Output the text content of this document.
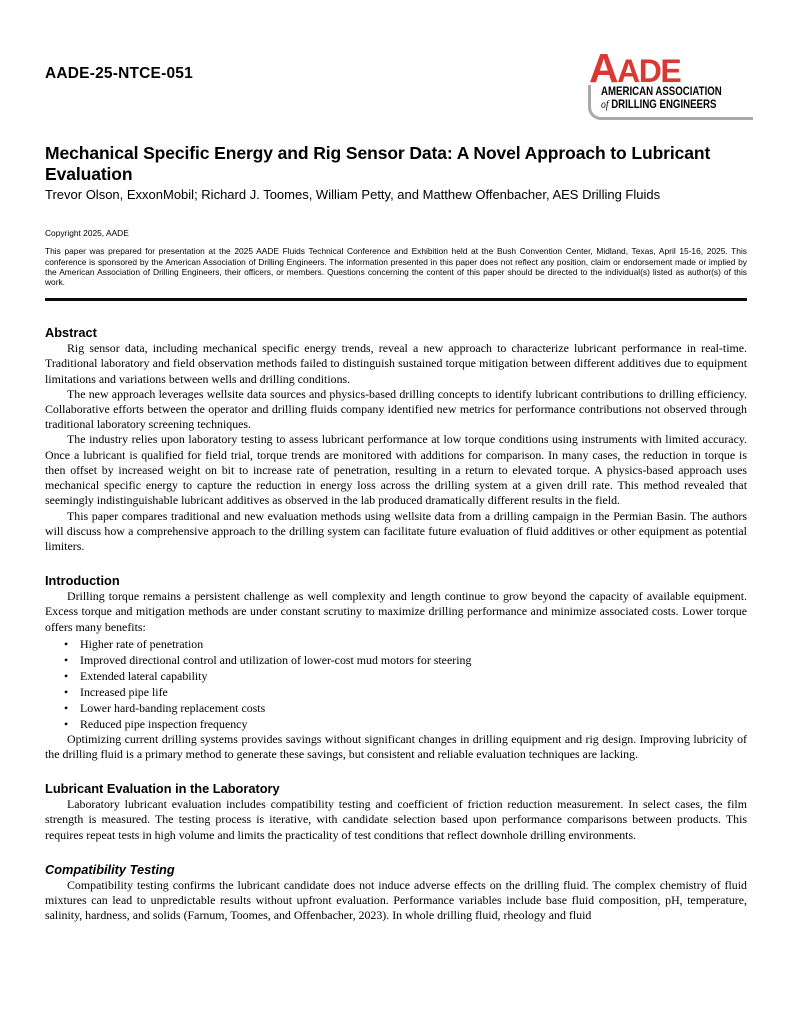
AADE-25-NTCE-051	AADE
AMERICAN ASSOCIATION
of DRILLING ENGINEERS
Mechanical Specific Energy and Rig Sensor Data: A Novel Approach to Lubricant Evaluation
Trevor Olson, ExxonMobil; Richard J. Toomes, William Petty, and Matthew Offenbacher, AES Drilling Fluids
Copyright 2025, AADE
This paper was prepared for presentation at the 2025 AADE Fluids Technical Conference and Exhibition held at the Bush Convention Center, Midland, Texas, April 15-16, 2025. This conference is sponsored by the American Association of Drilling Engineers. The information presented in this paper does not reflect any position, claim or endorsement made or implied by the American Association of Drilling Engineers, their officers, or members. Questions concerning the content of this paper should be directed to the individual(s) listed as author(s) of this work.
Abstract

Rig sensor data, including mechanical specific energy trends, reveal a new approach to characterize lubricant performance in real-time. Traditional laboratory and field observation methods failed to distinguish sustained torque mitigation between different additives due to equipment limitations and variations between wells and drilling conditions.

The new approach leverages wellsite data sources and physics-based drilling concepts to identify lubricant contributions to drilling efficiency. Collaborative efforts between the operator and drilling fluids company identified new metrics for performance contributions not observed through traditional laboratory screening techniques.

The industry relies upon laboratory testing to assess lubricant performance at low torque conditions using instruments with limited accuracy. Once a lubricant is qualified for field trial, torque trends are monitored with additions for comparison. In many cases, the reduction in torque is then offset by increased weight on bit to increase rate of penetration, resulting in a return to elevated torque. A physics-based approach uses mechanical specific energy to capture the reduction in energy loss across the drilling system at a given drill rate. This method revealed that seemingly indistinguishable lubricant additives as observed in the lab produced dramatically different results in the field.

This paper compares traditional and new evaluation methods using wellsite data from a drilling campaign in the Permian Basin. The authors will discuss how a comprehensive approach to the drilling system can facilitate future evaluation of fluid additives or other equipment as potential limiters.

Introduction

Drilling torque remains a persistent challenge as well complexity and length continue to grow beyond the capacity of available equipment. Excess torque and mitigation methods are under constant scrutiny to maximize drilling performance and minimize associated costs. Lower torque offers many benefits:

• Higher rate of penetration
• Improved directional control and utilization of lower-cost mud motors for steering
• Extended lateral capability
• Increased pipe life
• Lower hard-banding replacement costs
• Reduced pipe inspection frequency

Optimizing current drilling systems provides savings without significant changes in drilling equipment and rig design. Improving lubricity of the drilling fluid is a primary method to generate these savings, but consistent and reliable evaluation techniques are lacking.

Lubricant Evaluation in the Laboratory

Laboratory lubricant evaluation includes compatibility testing and coefficient of friction reduction measurement. In select cases, the film strength is measured. The testing process is iterative, with candidate selection based upon performance comparisons between products. This requires repeat tests in high volume and limits the practicality of test conditions that reflect downhole drilling environments.

Compatibility Testing

Compatibility testing confirms the lubricant candidate does not induce adverse effects on the drilling fluid. The complex chemistry of fluid mixtures can lead to unpredictable results without upfront evaluation. Performance variables include base fluid composition, pH, temperature, salinity, hardness, and solids (Farnum, Toomes, and Offenbacher, 2023). In whole drilling fluid, rheology and fluid
